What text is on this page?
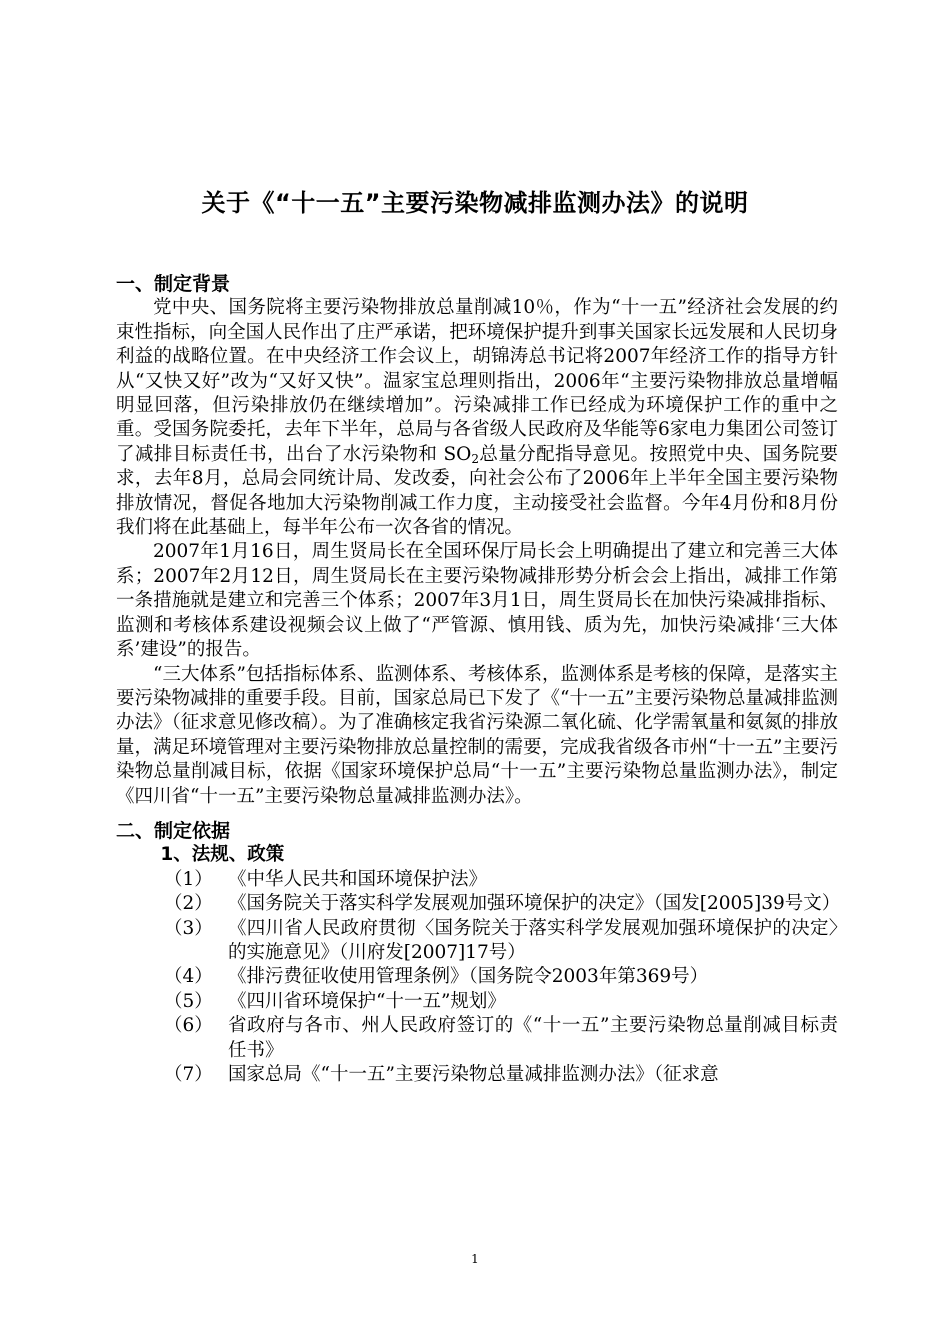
关于《“十一五”主要污染物减排监测办法》的说明
一、制定背景

党中央、国务院将主要污染物排放总量削减10％，作为“十一五”经济社会发展的约束性指标，向全国人民作出了庄严承诺，把环境保护提升到事关国家长远发展和人民切身利益的战略位置。在中央经济工作会议上，胡锦涛总书记将2007年经济工作的指导方针从“又快又好”改为“又好又快”。温家宝总理则指出，2006年“主要污染物排放总量增幅明显回落，但污染排放仍在继续增加”。污染减排工作已经成为环境保护工作的重中之重。受国务院委托，去年下半年，总局与各省级人民政府及华能等6家电力集团公司签订了减排目标责任书，出台了水污染物和 $SO_2$总量分配指导意见。按照党中央、国务院要求，去年8月，总局会同统计局、发改委，向社会公布了2006年上半年全国主要污染物排放情况，督促各地加大污染物削减工作力度，主动接受社会监督。今年4月份和8月份我们将在此基础上，每半年公布一次各省的情况。

2007年1月16日，周生贤局长在全国环保厅局长会上明确提出了建立和完善三大体系；2007年2月12日，周生贤局长在主要污染物减排形势分析会会上指出，减排工作第一条措施就是建立和完善三个体系；2007年3月1日，周生贤局长在加快污染减排指标、监测和考核体系建设视频会议上做了“严管源、慎用钱、质为先，加快污染减排‘三大体系’建设”的报告。

“三大体系”包括指标体系、监测体系、考核体系，监测体系是考核的保障，是落实主要污染物减排的重要手段。目前，国家总局已下发了《“十一五”主要污染物总量减排监测办法》（征求意见修改稿）。为了准确核定我省污染源二氧化硫、化学需氧量和氨氮的排放量，满足环境管理对主要污染物排放总量控制的需要，完成我省级各市州“十一五”主要污染物总量削减目标，依据《国家环境保护总局“十一五”主要污染物总量监测办法》，制定《四川省“十一五”主要污染物总量减排监测办法》。

二、制定依据
1、法规、政策
（1） 《中华人民共和国环境保护法》
（2） 《国务院关于落实科学发展观加强环境保护的决定》（国发[2005]39号文）
（3） 《四川省人民政府贯彻〈国务院关于落实科学发展观加强环境保护的决定〉的实施意见》（川府发[2007]17号）
（4） 《排污费征收使用管理条例》（国务院令2003年第369号）
（5） 《四川省环境保护“十一五”规划》
（6） 省政府与各市、州人民政府签订的《“十一五”主要污染物总量削减目标责任书》
（7） 国家总局《“十一五”主要污染物总量减排监测办法》（征求意
1
